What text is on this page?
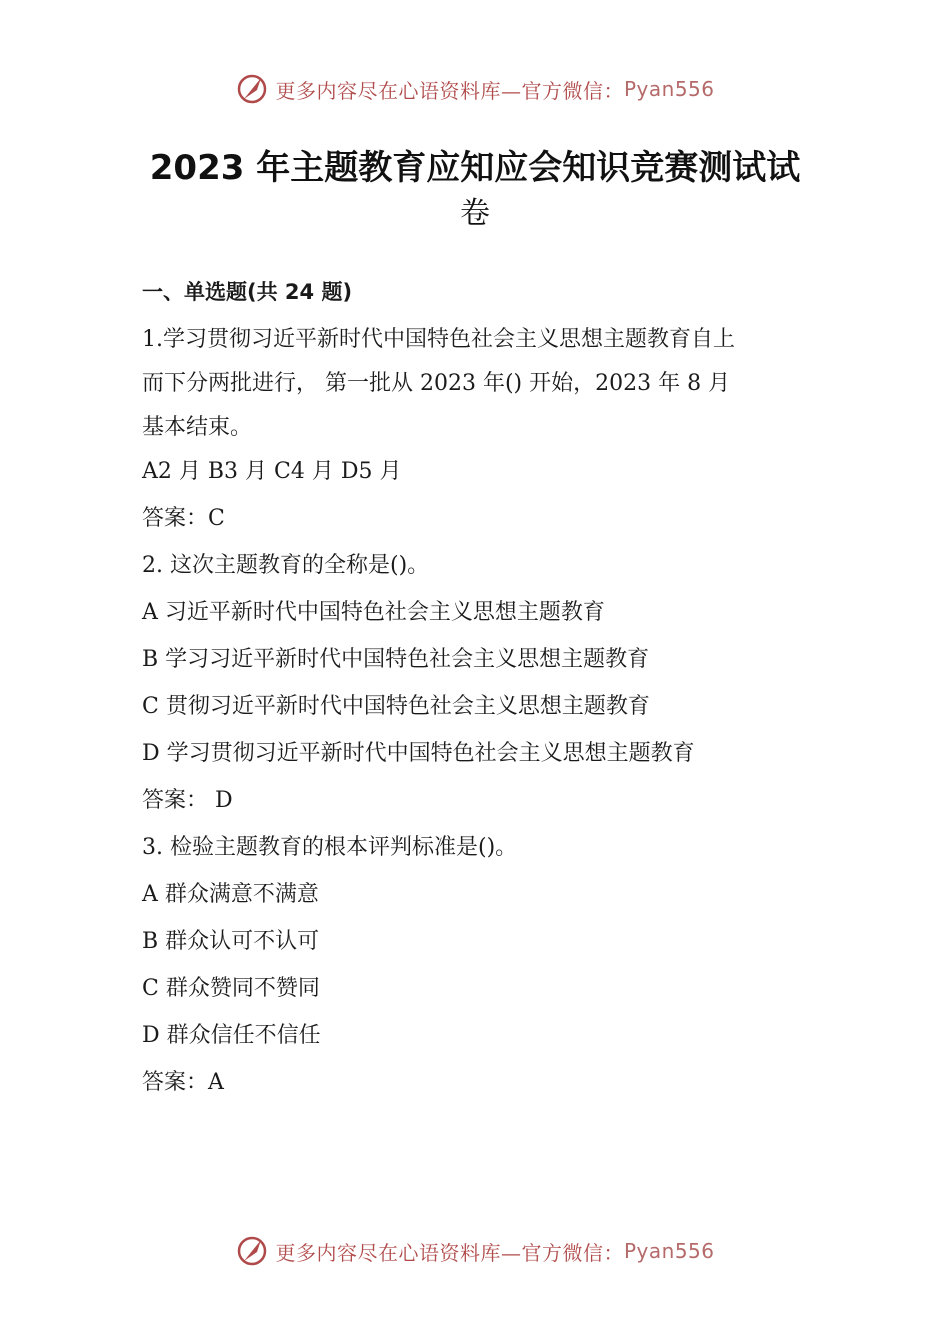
更多内容尽在心语资料库—官方微信： Pyan556
2023 年主题教育应知应会知识竞赛测试试
卷
一、单选题(共 24 题)
1.学习贯彻习近平新时代中国特色社会主义思想主题教育自上
而下分两批进行， 第一批从 2023 年() 开始，2023 年 8 月
基本结束。
A2 月 B3 月 C4 月 D5 月
答案：C
2. 这次主题教育的全称是()。
A 习近平新时代中国特色社会主义思想主题教育
B 学习习近平新时代中国特色社会主义思想主题教育
C 贯彻习近平新时代中国特色社会主义思想主题教育
D 学习贯彻习近平新时代中国特色社会主义思想主题教育
答案： D
3. 检验主题教育的根本评判标准是()。
A 群众满意不满意
B 群众认可不认可
C 群众赞同不赞同
D 群众信任不信任
答案：A
更多内容尽在心语资料库—官方微信： Pyan556
